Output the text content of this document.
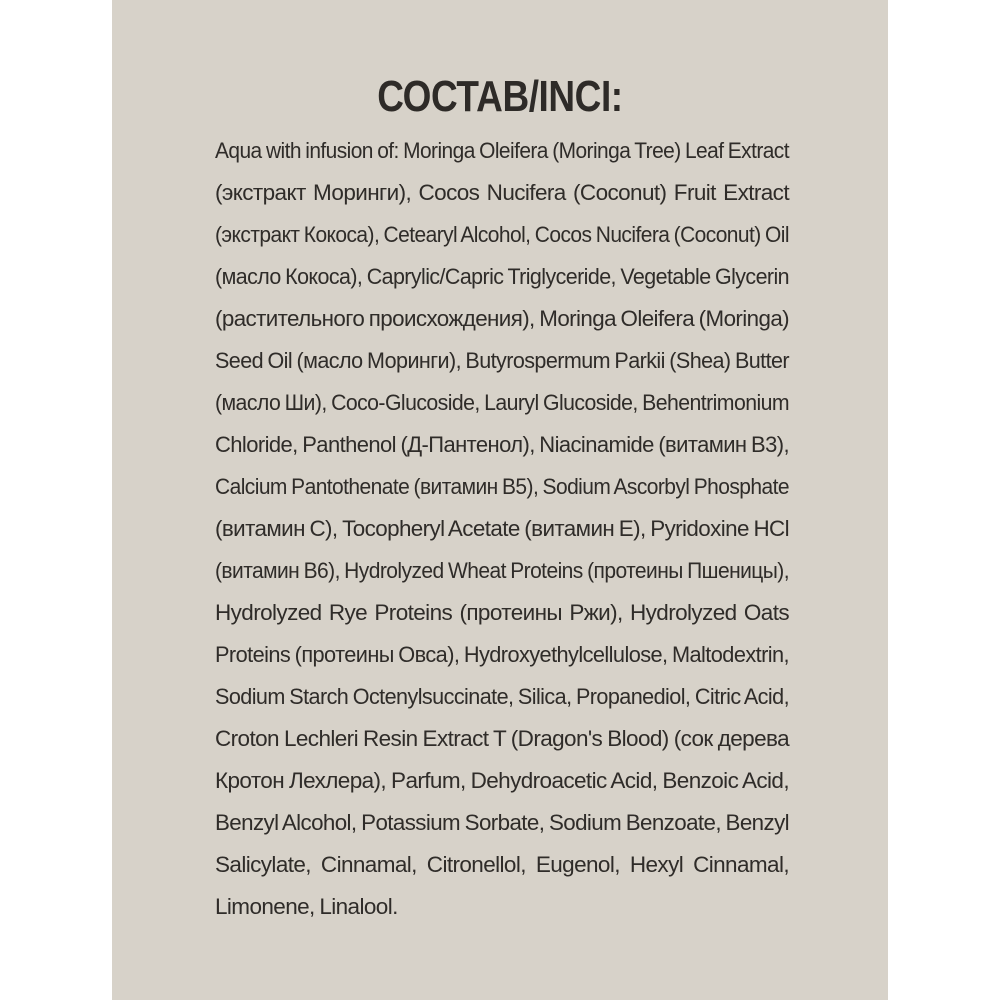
СОСТАВ/INCI:
Aqua with infusion of: Moringa Oleifera (Moringa Tree) Leaf Extract
(экстракт Моринги), Cocos Nucifera (Coconut) Fruit Extract
(экстракт Кокоса), Cetearyl Alcohol, Cocos Nucifera (Coconut) Oil
(масло Кокоса), Caprylic/Capric Triglyceride, Vegetable Glycerin
(растительного происхождения), Moringa Oleifera (Moringa)
Seed Oil (масло Моринги), Butyrospermum Parkii (Shea) Butter
(масло Ши), Coco-Glucoside, Lauryl Glucoside, Behentrimonium
Chloride, Panthenol (Д-Пантенол), Niacinamide (витамин B3),
Calcium Pantothenate (витамин B5), Sodium Ascorbyl Phosphate
(витамин C), Tocopheryl Acetate (витамин E), Pyridoxine HCl
(витамин B6), Hydrolyzed Wheat Proteins (протеины Пшеницы),
Hydrolyzed Rye Proteins (протеины Ржи), Hydrolyzed Oats
Proteins (протеины Овса), Hydroxyethylcellulose, Maltodextrin,
Sodium Starch Octenylsuccinate, Silica, Propanediol, Citric Acid,
Croton Lechleri Resin Extract T (Dragon's Blood) (сок дерева
Кротон Лехлера), Parfum, Dehydroacetic Acid, Benzoic Acid,
Benzyl Alcohol, Potassium Sorbate, Sodium Benzoate, Benzyl
Salicylate, Cinnamal, Citronellol, Eugenol, Hexyl Cinnamal,
Limonene, Linalool.
